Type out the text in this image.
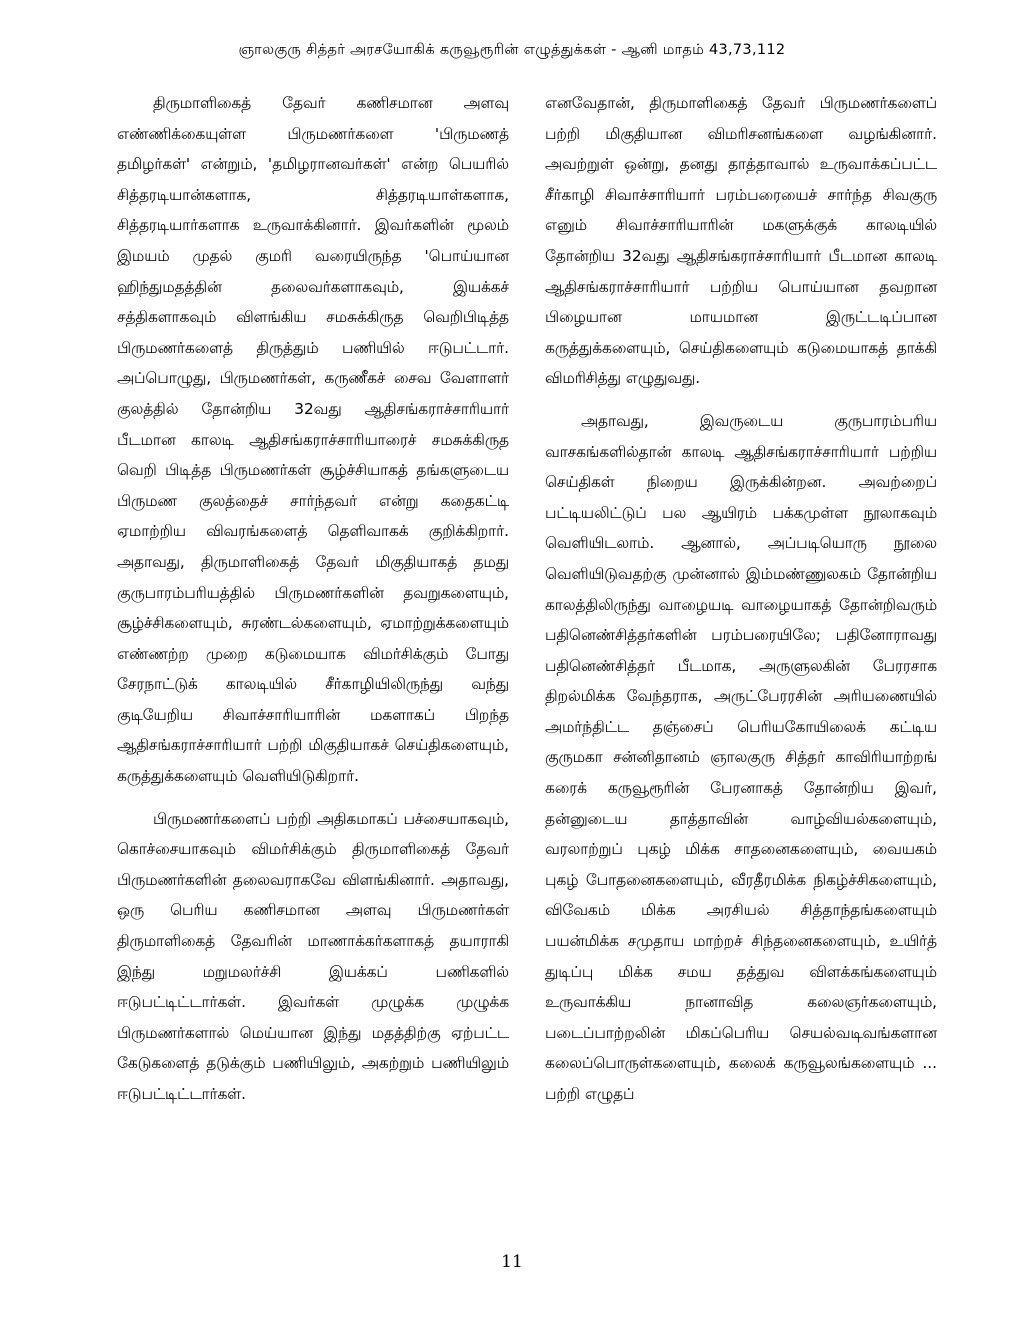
ஞாலகுரு சித்தர் அரசயோகிக் கருவூரூரின் எழுத்துக்கள் - ஆனி மாதம் 43,73,112

திருமாளிகைத் தேவர் கணிசமான அளவு எண்ணிக்கையுள்ள பிருமணர்களை 'பிருமணத் தமிழர்கள்' என்றும், 'தமிழரானவர்கள்' என்ற பெயரில் சித்தரடியான்களாக, சித்தரடியாள்களாக, சித்தரடியார்களாக உருவாக்கினார். இவர்களின் மூலம் இமயம் முதல் குமரி வரையிருந்த 'பொய்யான ஹிந்துமதத்தின் தலைவர்களாகவும், இயக்கச் சத்திகளாகவும் விளங்கிய சமசுக்கிருத வெறிபிடித்த பிருமணர்களைத் திருத்தும் பணியில் ஈடுபட்டார். அப்பொழுது, பிருமணர்கள், கருணீகச் சைவ வேளாளர் குலத்தில் தோன்றிய 32வது ஆதிசங்கராச்சாரியார் பீடமான காலடி ஆதிசங்கராச்சாரியாரைச் சமசுக்கிருத வெறி பிடித்த பிருமணர்கள் சூழ்ச்சியாகத் தங்களுடைய பிருமண குலத்தைச் சார்ந்தவர் என்று கதைகட்டி ஏமாற்றிய விவரங்களைத் தெளிவாகக் குறிக்கிறார். அதாவது, திருமாளிகைத் தேவர் மிகுதியாகத் தமது குருபாரம்பரியத்தில் பிருமணர்களின் தவறுகளையும், சூழ்ச்சிகளையும், சுரண்டல்களையும், ஏமாற்றுக்களையும் எண்ணற்ற முறை கடுமையாக விமர்சிக்கும் போது சேரநாட்டுக் காலடியில் சீர்காழியிலிருந்து வந்து குடியேறிய சிவாச்சாரியாரின் மகளாகப் பிறந்த ஆதிசங்கராச்சாரியார் பற்றி மிகுதியாகச் செய்திகளையும், கருத்துக்களையும் வெளியிடுகிறார்.

பிருமணர்களைப் பற்றி அதிகமாகப் பச்சையாகவும், கொச்சையாகவும் விமர்சிக்கும் திருமாளிகைத் தேவர் பிருமணர்களின் தலைவராகவே விளங்கினார். அதாவது, ஒரு பெரிய கணிசமான அளவு பிருமணர்கள் திருமாளிகைத் தேவரின் மாணாக்கர்களாகத் தயாராகி இந்து மறுமலர்ச்சி இயக்கப் பணிகளில் ஈடுபட்டிட்டார்கள். இவர்கள் முழுக்க முழுக்க பிருமணர்களால் மெய்யான இந்து மதத்திற்கு ஏற்பட்ட கேடுகளைத் தடுக்கும் பணியிலும், அகற்றும் பணியிலும் ஈடுபட்டிட்டார்கள்.

எனவேதான், திருமாளிகைத் தேவர் பிருமணர்களைப் பற்றி மிகுதியான விமரிசனங்களை வழங்கினார். அவற்றுள் ஒன்று, தனது தாத்தாவால் உருவாக்கப்பட்ட சீர்காழி சிவாச்சாரியார் பரம்பரையைச் சார்ந்த சிவகுரு எனும் சிவாச்சாரியாரின் மகளுக்குக் காலடியில் தோன்றிய 32வது ஆதிசங்கராச்சாரியார் பீடமான காலடி ஆதிசங்கராச்சாரியார் பற்றிய பொய்யான தவறான பிழையான மாயமான இருட்டடிப்பான கருத்துக்களையும், செய்திகளையும் கடுமையாகத் தாக்கி விமரிசித்து எழுதுவது.

அதாவது, இவருடைய குருபாரம்பரிய வாசகங்களில்தான் காலடி ஆதிசங்கராச்சாரியார் பற்றிய செய்திகள் நிறைய இருக்கின்றன. அவற்றைப் பட்டியலிட்டுப் பல ஆயிரம் பக்கமுள்ள நூலாகவும் வெளியிடலாம். ஆனால், அப்படியொரு நூலை வெளியிடுவதற்கு முன்னால் இம்மண்ணுலகம் தோன்றிய காலத்திலிருந்து வாழையடி வாழையாகத் தோன்றிவரும் பதினெண்சித்தர்களின் பரம்பரையிலே; பதினோராவது பதினெண்சித்தர் பீடமாக, அருளுலகின் பேரரசாக திறல்மிக்க வேந்தராக, அருட்பேரரசின் அரியணையில் அமர்ந்திட்ட தஞ்சைப் பெரியகோயிலைக் கட்டிய குருமகா சன்னிதானம் ஞாலகுரு சித்தர் காவிரியாற்றங் கரைக் கருவூரூரின் பேரனாகத் தோன்றிய இவர், தன்னுடைய தாத்தாவின் வாழ்வியல்களையும், வரலாற்றுப் புகழ் மிக்க சாதனைகளையும், வையகம் புகழ் போதனைகளையும், வீரதீரமிக்க நிகழ்ச்சிகளையும், விவேகம் மிக்க அரசியல் சித்தாந்தங்களையும் பயன்மிக்க சமுதாய மாற்றச் சிந்தனைகளையும், உயிர்த் துடிப்பு மிக்க சமய தத்துவ விளக்கங்களையும் உருவாக்கிய நானாவித கலைஞர்களையும், படைப்பாற்றலின் மிகப்பெரிய செயல்வடிவங்களான கலைப்பொருள்களையும், கலைக் கருவூலங்களையும் ... பற்றி எழுதப்

11
